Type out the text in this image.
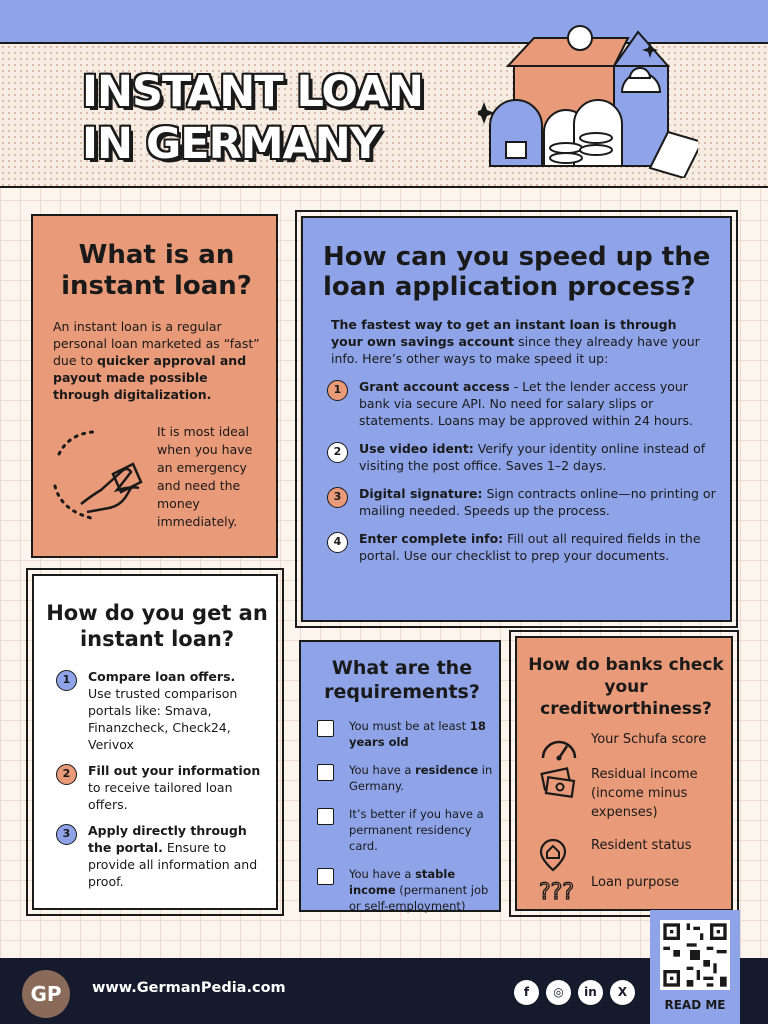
INSTANT LOAN
IN GERMANY
What is an instant loan?

An instant loan is a regular personal loan marketed as “fast” due to quicker approval and payout made possible through digitalization.

It is most ideal when you have an emergency and need the money immediately.

How can you speed up the loan application process?

The fastest way to get an instant loan is through your own savings account since they already have your info. Here’s other ways to make speed it up:

1	Grant account access - Let the lender access your bank via secure API. No need for salary slips or statements. Loans may be approved within 24 hours.
2	Use video ident: Verify your identity online instead of visiting the post office. Saves 1–2 days.
3	Digital signature: Sign contracts online—no printing or mailing needed. Speeds up the process.
4	Enter complete info: Fill out all required fields in the portal. Use our checklist to prep your documents.
How do you get an instant loan?
1	Compare loan offers. Use trusted comparison portals like: Smava, Finanzcheck, Check24, Verivox
2	Fill out your information to receive tailored loan offers.
3	Apply directly through the portal. Ensure to provide all information and proof.
What are the requirements?
You must be at least 18 years old
You have a residence in Germany.
It’s better if you have a permanent residency card.
You have a stable income (permanent job or self-employment)
How do banks check your creditworthiness?
Your Schufa score
Residual income (income minus expenses)
Resident status
??? Loan purpose
GP	www.GermanPedia.com	f	◎	in	X
READ ME
